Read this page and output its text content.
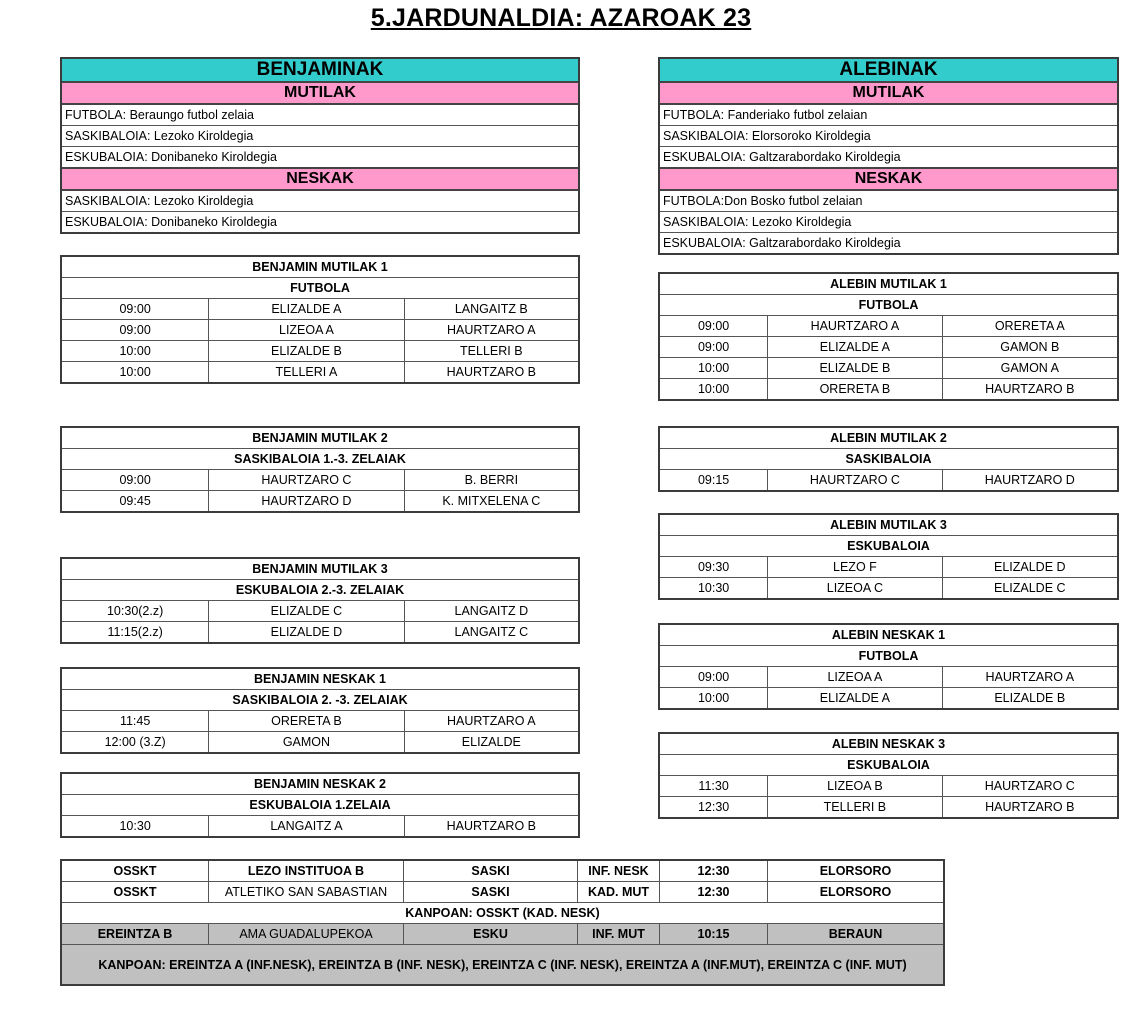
5.JARDUNALDIA: AZAROAK 23
BENJAMINAK
MUTILAK
FUTBOLA: Beraungo futbol zelaia
SASKIBALOIA: Lezoko Kiroldegia
ESKUBALOIA: Donibaneko Kiroldegia
NESKAK
SASKIBALOIA: Lezoko Kiroldegia
ESKUBALOIA: Donibaneko Kiroldegia
ALEBINAK
MUTILAK
FUTBOLA: Fanderiako futbol zelaian
SASKIBALOIA: Elorsoroko Kiroldegia
ESKUBALOIA: Galtzarabordako Kiroldegia
NESKAK
FUTBOLA:Don Bosko futbol zelaian
SASKIBALOIA: Lezoko Kiroldegia
ESKUBALOIA: Galtzarabordako Kiroldegia
BENJAMIN MUTILAK 1		
FUTBOLA		
09:00	ELIZALDE A	LANGAITZ B
09:00	LIZEOA A	HAURTZARO A
10:00	ELIZALDE B	TELLERI B
10:00	TELLERI A	HAURTZARO B
BENJAMIN MUTILAK 2		
SASKIBALOIA 1.-3. ZELAIAK		
09:00	HAURTZARO C	B. BERRI
09:45	HAURTZARO D	K. MITXELENA C
BENJAMIN MUTILAK 3		
ESKUBALOIA 2.-3. ZELAIAK		
10:30(2.z)	ELIZALDE C	LANGAITZ D
11:15(2.z)	ELIZALDE D	LANGAITZ C
BENJAMIN NESKAK 1		
SASKIBALOIA 2. -3. ZELAIAK		
11:45	ORERETA B	HAURTZARO A
12:00 (3.Z)	GAMON	ELIZALDE
BENJAMIN NESKAK 2
ESKUBALOIA 1.ZELAIA
10:30	LANGAITZ A	HAURTZARO B
ALEBIN MUTILAK 1		
FUTBOLA		
09:00	HAURTZARO A	ORERETA A
09:00	ELIZALDE A	GAMON B
10:00	ELIZALDE B	GAMON A
10:00	ORERETA B	HAURTZARO B
ALEBIN MUTILAK 2
SASKIBALOIA
09:15	HAURTZARO C	HAURTZARO D
ALEBIN MUTILAK 3		
ESKUBALOIA		
09:30	LEZO F	ELIZALDE D
10:30	LIZEOA C	ELIZALDE C
ALEBIN NESKAK 1		
FUTBOLA		
09:00	LIZEOA A	HAURTZARO A
10:00	ELIZALDE A	ELIZALDE B
ALEBIN NESKAK 3		
ESKUBALOIA		
11:30	LIZEOA B	HAURTZARO C
12:30	TELLERI B	HAURTZARO B
OSSKT	LEZO INSTITUOA B	SASKI	INF. NESK	12:30	ELORSORO
OSSKT	ATLETIKO SAN SABASTIAN	SASKI	KAD. MUT	12:30	ELORSORO
KANPOAN: OSSKT (KAD. NESK)					
EREINTZA B	AMA GUADALUPEKOA	ESKU	INF. MUT	10:15	BERAUN
KANPOAN: EREINTZA A (INF.NESK), EREINTZA B (INF. NESK), EREINTZA C (INF. NESK), EREINTZA A (INF.MUT), EREINTZA C (INF. MUT)					
